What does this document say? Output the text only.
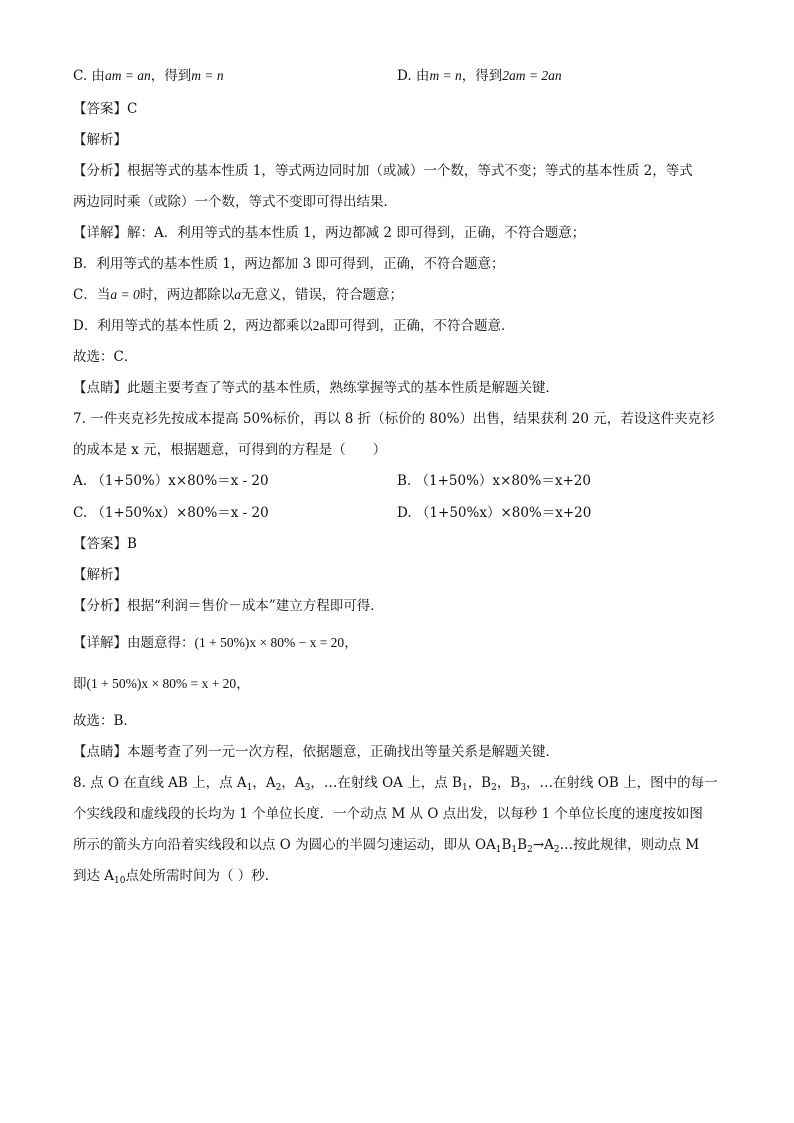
C. 由am = an，得到m = n	D. 由m = n，得到2am = 2an
【答案】C
【解析】
【分析】根据等式的基本性质 1，等式两边同时加（或减）一个数，等式不变；等式的基本性质 2，等式
两边同时乘（或除）一个数，等式不变即可得出结果．
【详解】解：A．利用等式的基本性质 1，两边都减 2 即可得到，正确，不符合题意；
B．利用等式的基本性质 1，两边都加 3 即可得到，正确，不符合题意；
C．当a = 0时，两边都除以a无意义，错误，符合题意；
D．利用等式的基本性质 2，两边都乘以2a即可得到，正确，不符合题意．
故选：C．
【点睛】此题主要考查了等式的基本性质，熟练掌握等式的基本性质是解题关键．
7. 一件夹克衫先按成本提高 50%标价，再以 8 折（标价的 80%）出售，结果获利 20 元，若设这件夹克衫
的成本是 x 元，根据题意，可得到的方程是（　　）
A. （1+50%）x×80%＝x - 20	B. （1+50%）x×80%＝x+20
C. （1+50%x）×80%＝x - 20	D. （1+50%x）×80%＝x+20
【答案】B
【解析】
【分析】根据“利润＝售价－成本”建立方程即可得．
【详解】由题意得：(1 + 50%)x × 80% − x = 20，
即(1 + 50%)x × 80% = x + 20，
故选：B．
【点睛】本题考查了列一元一次方程，依据题意，正确找出等量关系是解题关键．
8. 点 O 在直线 AB 上，点 $A_1$，$A_2$，$A_3$，…在射线 OA 上，点 $B_1$，$B_2$，$B_3$，…在射线 OB 上，图中的每一
个实线段和虚线段的长均为 1 个单位长度．一个动点 M 从 O 点出发，以每秒 1 个单位长度的速度按如图
所示的箭头方向沿着实线段和以点 O 为圆心的半圆匀速运动，即从 $OA_1B_1B_2\to A_2\dots$按此规律，则动点 M
到达 $A_{10}$点处所需时间为（ ）秒．
